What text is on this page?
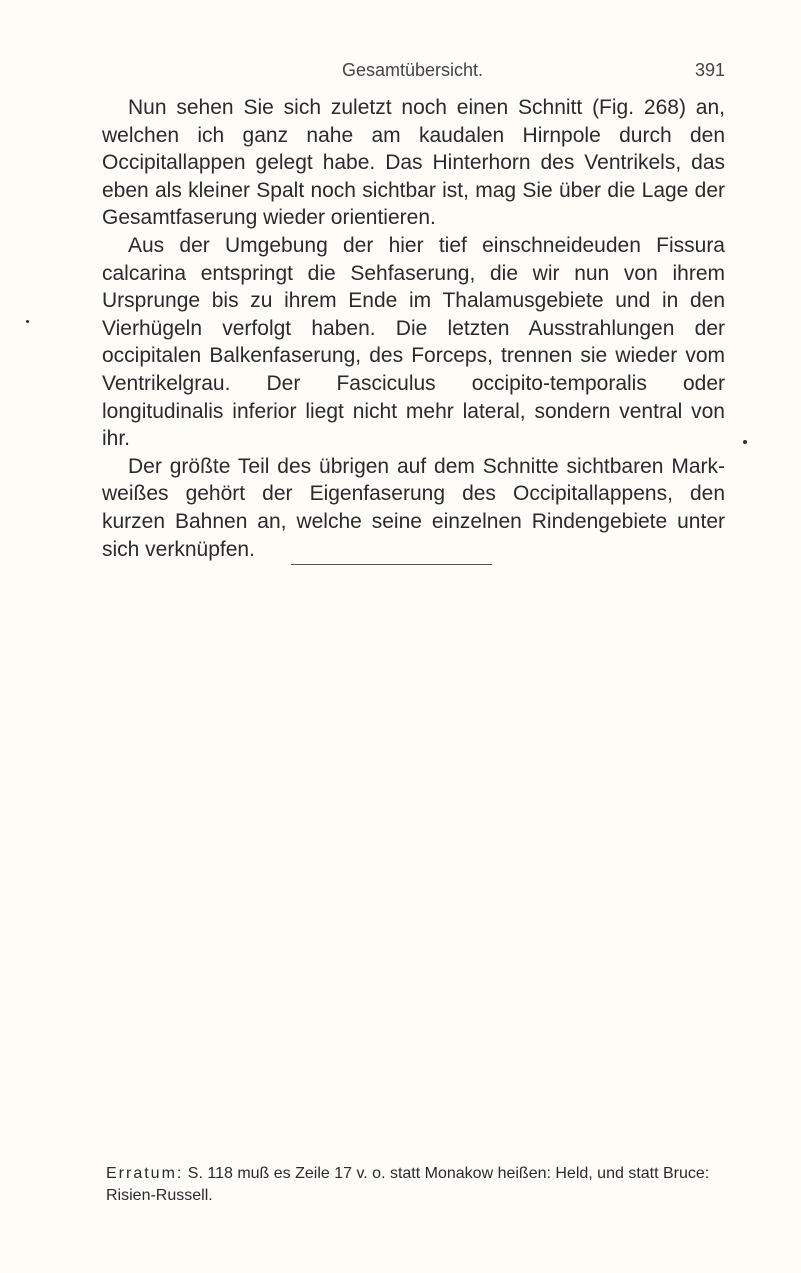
Gesamtübersicht.	391

Nun sehen Sie sich zuletzt noch einen Schnitt (Fig. 268) an, welchen ich ganz nahe am kaudalen Hirnpole durch den Occipitallappen gelegt habe. Das Hinterhorn des Ventrikels, das eben als kleiner Spalt noch sichtbar ist, mag Sie über die Lage der Gesamtfaserung wieder orientieren.

Aus der Umgebung der hier tief einschneideuden Fissura calcarina entspringt die Sehfaserung, die wir nun von ihrem Ursprunge bis zu ihrem Ende im Thalamusgebiete und in den Vierhügeln verfolgt haben. Die letzten Ausstrahlungen der occipitalen Balkenfaserung, des Forceps, trennen sie wieder vom Ventrikelgrau. Der Fasciculus occipito-temporalis oder longitudinalis inferior liegt nicht mehr lateral, sondern ventral von ihr.

Der größte Teil des übrigen auf dem Schnitte sichtbaren Markweißes gehört der Eigenfaserung des Occipitallappens, den kurzen Bahnen an, welche seine einzelnen Rindengebiete unter sich verknüpfen.

Erratum: S. 118 muß es Zeile 17 v. o. statt Monakow heißen: Held, und statt Bruce: Risien-Russell.
